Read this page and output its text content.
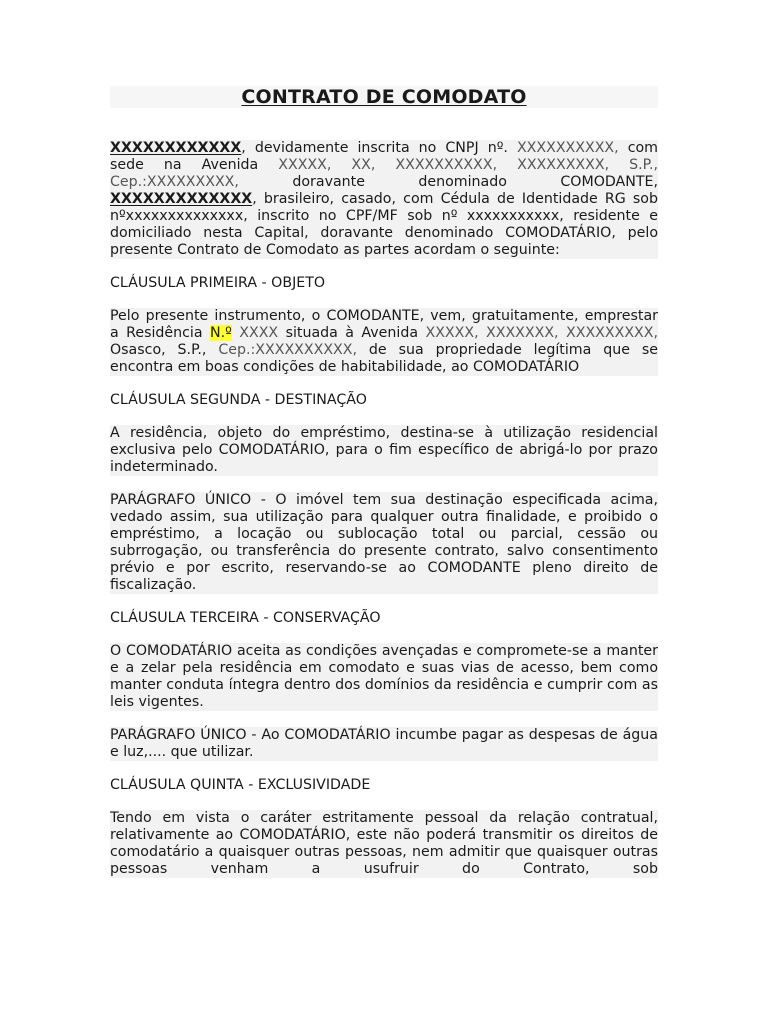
CONTRATO DE COMODATO

XXXXXXXXXXXX, devidamente inscrita no CNPJ nº. XXXXXXXXXX, com sede na Avenida XXXXX, XX, XXXXXXXXXX, XXXXXXXXX, S.P., Cep.:XXXXXXXXX, doravante denominado COMODANTE, XXXXXXXXXXXXX, brasileiro, casado, com Cédula de Identidade RG sob nºxxxxxxxxxxxxxx, inscrito no CPF/MF sob nº xxxxxxxxxxx, residente e domiciliado nesta Capital, doravante denominado COMODATÁRIO, pelo presente Contrato de Comodato as partes acordam o seguinte:

CLÁUSULA PRIMEIRA - OBJETO

Pelo presente instrumento, o COMODANTE, vem, gratuitamente, emprestar a Residência N.º XXXX situada à Avenida XXXXX, XXXXXXX, XXXXXXXXX, Osasco, S.P., Cep.:XXXXXXXXXX, de sua propriedade legítima que se encontra em boas condições de habitabilidade, ao COMODATÁRIO

CLÁUSULA SEGUNDA - DESTINAÇÃO

A residência, objeto do empréstimo, destina-se à utilização residencial exclusiva pelo COMODATÁRIO, para o fim específico de abrigá-lo por prazo indeterminado.

PARÁGRAFO ÚNICO - O imóvel tem sua destinação especificada acima, vedado assim, sua utilização para qualquer outra finalidade, e proibido o empréstimo, a locação ou sublocação total ou parcial, cessão ou subrrogação, ou transferência do presente contrato, salvo consentimento prévio e por escrito, reservando-se ao COMODANTE pleno direito de fiscalização.

CLÁUSULA TERCEIRA - CONSERVAÇÃO

O COMODATÁRIO aceita as condições avençadas e compromete-se a manter e a zelar pela residência em comodato e suas vias de acesso, bem como manter conduta íntegra dentro dos domínios da residência e cumprir com as leis vigentes.

PARÁGRAFO ÚNICO - Ao COMODATÁRIO incumbe pagar as despesas de água e luz,.... que utilizar.

CLÁUSULA QUINTA - EXCLUSIVIDADE

Tendo em vista o caráter estritamente pessoal da relação contratual, relativamente ao COMODATÁRIO, este não poderá transmitir os direitos de comodatário a quaisquer outras pessoas, nem admitir que quaisquer outras pessoas venham a usufruir do Contrato, sob
